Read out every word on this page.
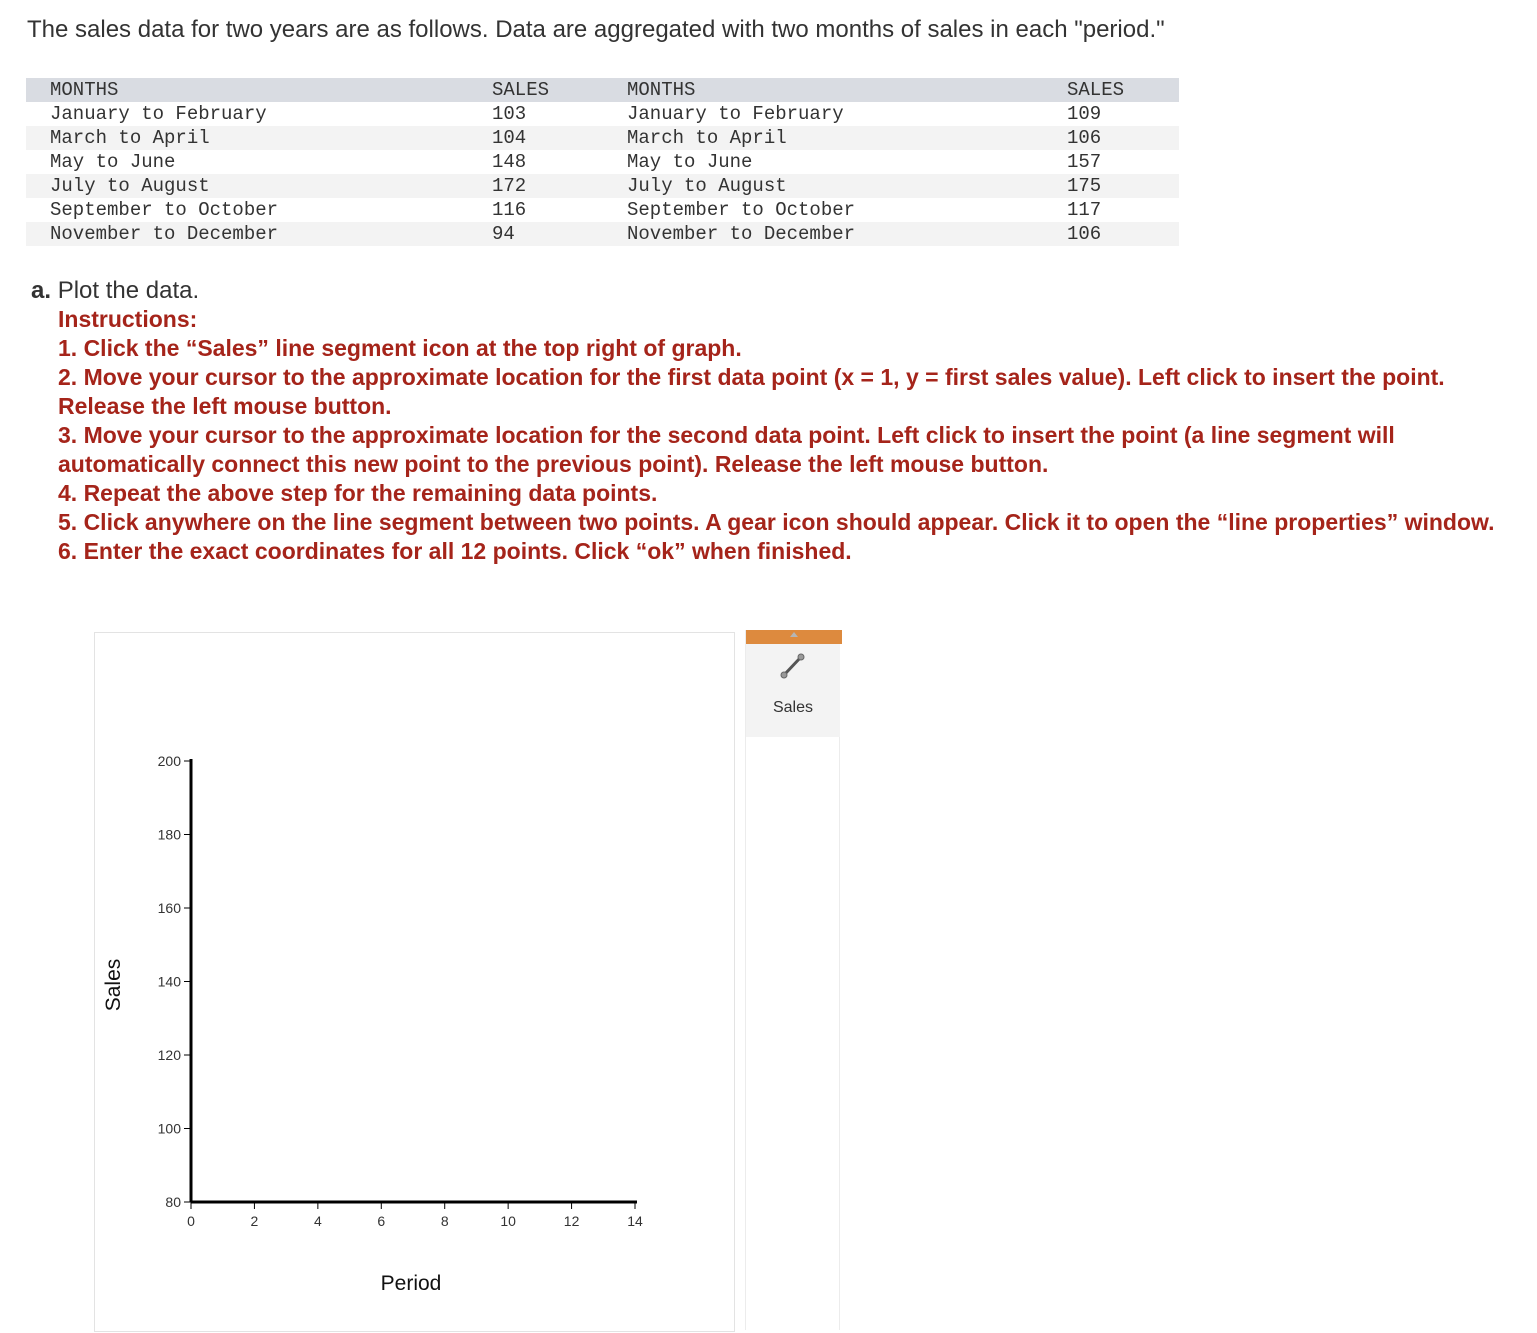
The sales data for two years are as follows. Data are aggregated with two months of sales in each "period."
MONTHS	SALES	MONTHS	SALES
January to February	103	January to February	109
March to April	104	March to April	106
May to June	148	May to June	157
July to August	172	July to August	175
September to October	116	September to October	117
November to December	94	November to December	106
a. Plot the data.
Instructions:
1. Click the “Sales” line segment icon at the top right of graph.
2. Move your cursor to the approximate location for the first data point (x = 1, y = first sales value). Left click to insert the point. Release the left mouse button.
3. Move your cursor to the approximate location for the second data point. Left click to insert the point (a line segment will automatically connect this new point to the previous point). Release the left mouse button.
4. Repeat the above step for the remaining data points.
5. Click anywhere on the line segment between two points. A gear icon should appear. Click it to open the “line properties” window.
6. Enter the exact coordinates for all 12 points. Click “ok” when finished.
80
100
120
140
160
180
200
0	2	4	6	8	10	12	14
Period
Sales
Sales
